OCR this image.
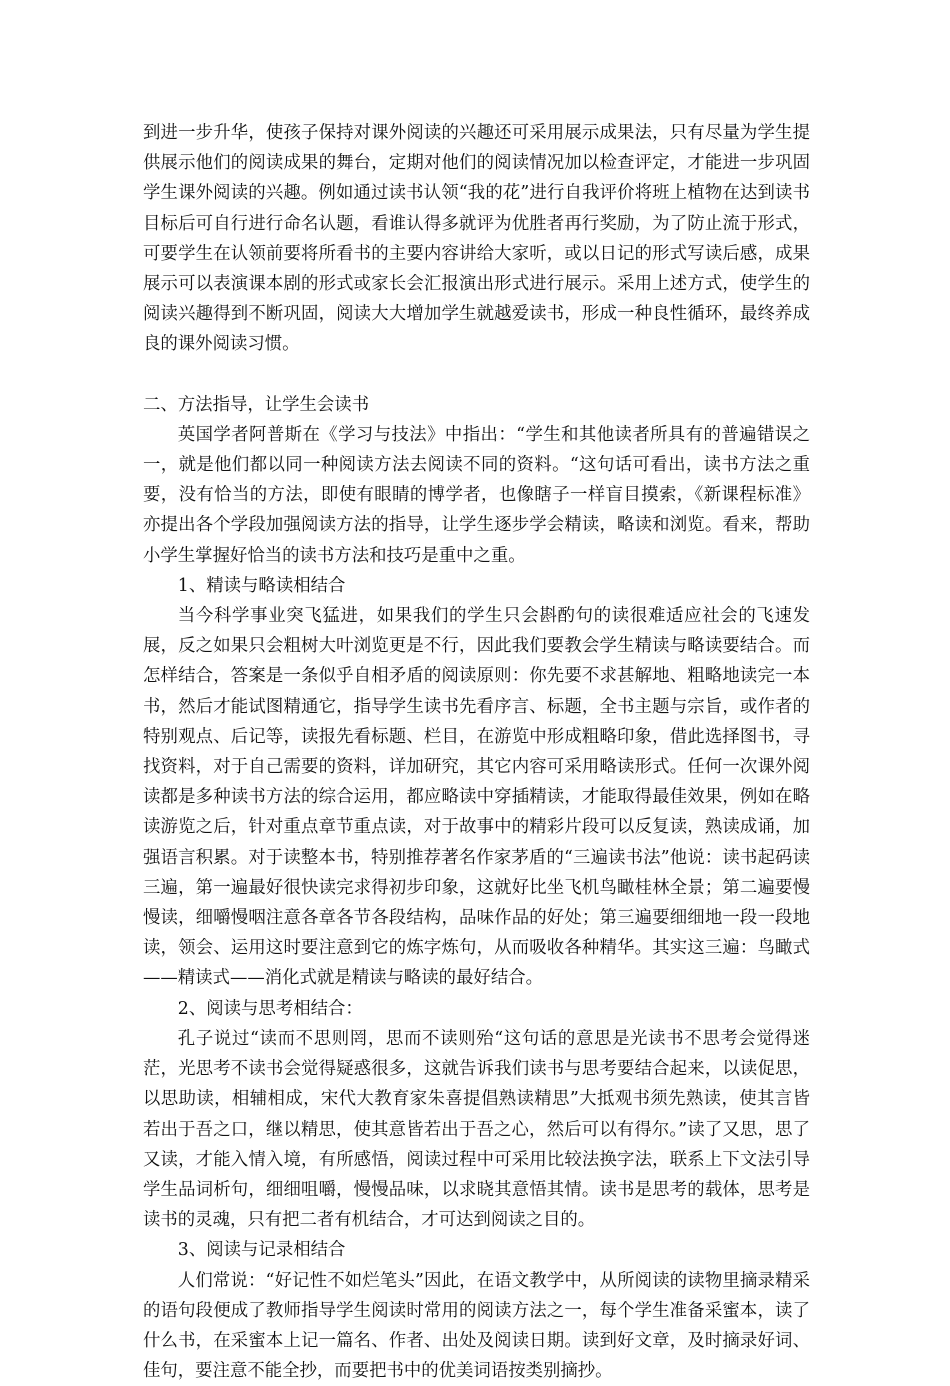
到进一步升华，使孩子保持对课外阅读的兴趣还可采用展示成果法，只有尽量为学生提供展示他们的阅读成果的舞台，定期对他们的阅读情况加以检查评定，才能进一步巩固学生课外阅读的兴趣。例如通过读书认领“我的花”进行自我评价将班上植物在达到读书目标后可自行进行命名认题，看谁认得多就评为优胜者再行奖励，为了防止流于形式，可要学生在认领前要将所看书的主要内容讲给大家听，或以日记的形式写读后感，成果展示可以表演课本剧的形式或家长会汇报演出形式进行展示。采用上述方式，使学生的阅读兴趣得到不断巩固，阅读大大增加学生就越爱读书，形成一种良性循环，最终养成良的课外阅读习惯。

二、方法指导，让学生会读书

英国学者阿普斯在《学习与技法》中指出：“学生和其他读者所具有的普遍错误之一，就是他们都以同一种阅读方法去阅读不同的资料。“这句话可看出，读书方法之重要，没有恰当的方法，即使有眼睛的博学者，也像瞎子一样盲目摸索，《新课程标准》亦提出各个学段加强阅读方法的指导，让学生逐步学会精读，略读和浏览。看来，帮助小学生掌握好恰当的读书方法和技巧是重中之重。

1、精读与略读相结合

当今科学事业突飞猛进，如果我们的学生只会斟酌句的读很难适应社会的飞速发展，反之如果只会粗树大叶浏览更是不行，因此我们要教会学生精读与略读要结合。而怎样结合，答案是一条似乎自相矛盾的阅读原则：你先要不求甚解地、粗略地读完一本书，然后才能试图精通它，指导学生读书先看序言、标题，全书主题与宗旨，或作者的特别观点、后记等，读报先看标题、栏目，在游览中形成粗略印象，借此选择图书，寻找资料，对于自己需要的资料，详加研究，其它内容可采用略读形式。任何一次课外阅读都是多种读书方法的综合运用，都应略读中穿插精读，才能取得最佳效果，例如在略读游览之后，针对重点章节重点读，对于故事中的精彩片段可以反复读，熟读成诵，加强语言积累。对于读整本书，特别推荐著名作家茅盾的“三遍读书法”他说：读书起码读三遍，第一遍最好很快读完求得初步印象，这就好比坐飞机鸟瞰桂林全景；第二遍要慢慢读，细嚼慢咽注意各章各节各段结构，品味作品的好处；第三遍要细细地一段一段地读，领会、运用这时要注意到它的炼字炼句，从而吸收各种精华。其实这三遍：鸟瞰式——精读式——消化式就是精读与略读的最好结合。

2、阅读与思考相结合：

孔子说过“读而不思则罔，思而不读则殆“这句话的意思是光读书不思考会觉得迷茫，光思考不读书会觉得疑惑很多，这就告诉我们读书与思考要结合起来，以读促思，以思助读，相辅相成，宋代大教育家朱喜提倡熟读精思”大抵观书须先熟读，使其言皆若出于吾之口，继以精思，使其意皆若出于吾之心，然后可以有得尔。”读了又思，思了又读，才能入情入境，有所感悟，阅读过程中可采用比较法换字法，联系上下文法引导学生品词析句，细细咀嚼，慢慢品味，以求晓其意悟其情。读书是思考的载体，思考是读书的灵魂，只有把二者有机结合，才可达到阅读之目的。

3、阅读与记录相结合

人们常说：“好记性不如烂笔头”因此，在语文教学中，从所阅读的读物里摘录精采的语句段便成了教师指导学生阅读时常用的阅读方法之一，每个学生准备采蜜本，读了什么书，在采蜜本上记一篇名、作者、出处及阅读日期。读到好文章，及时摘录好词、佳句，要注意不能全抄，而要把书中的优美词语按类别摘抄。
